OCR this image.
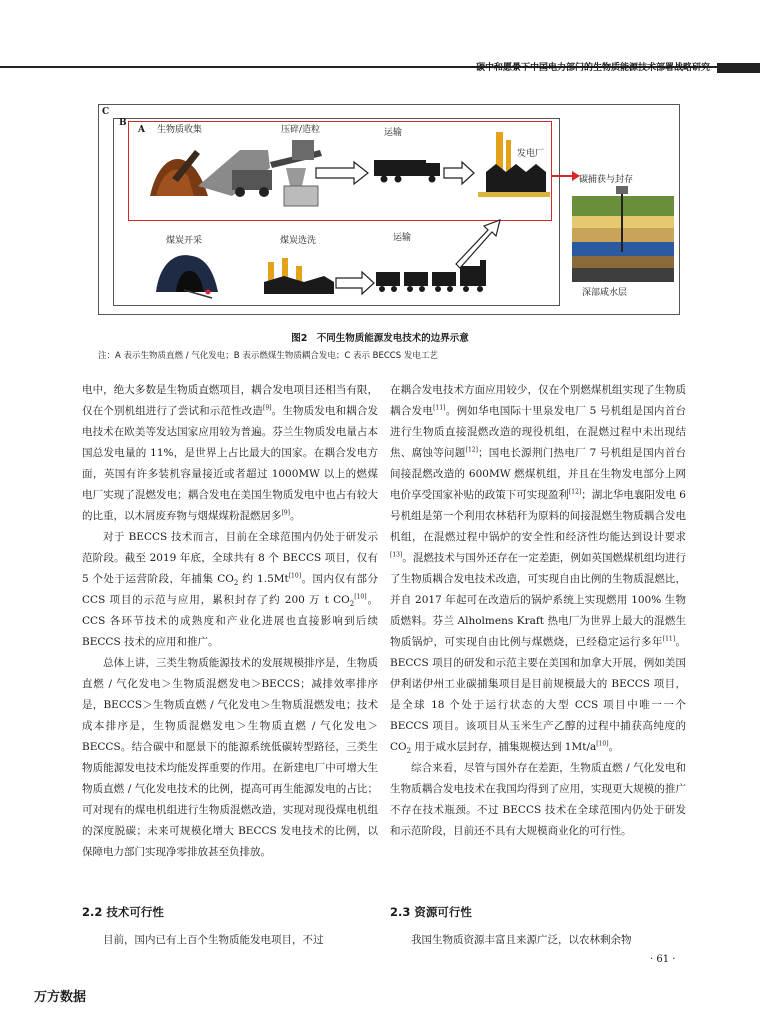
碳中和愿景下中国电力部门的生物质能源技术部署战略研究
C
B
A 生物质收集	压碎/造粒	运输
发电厂
碳捕获与封存
煤炭开采	煤炭选洗	运输
深部咸水层
图2　不同生物质能源发电技术的边界示意
注：A 表示生物质直燃 / 气化发电；B 表示燃煤生物质耦合发电；C 表示 BECCS 发电工艺

电中，绝大多数是生物质直燃项目，耦合发电项目还相当有限，仅在个别机组进行了尝试和示范性改造[9]。生物质发电和耦合发电技术在欧美等发达国家应用较为普遍。芬兰生物质发电量占本国总发电量的 11%，是世界上占比最大的国家。在耦合发电方面，英国有许多装机容量接近或者超过 1000MW 以上的燃煤电厂实现了混燃发电；耦合发电在美国生物质发电中也占有较大的比重，以木屑废弃物与烟煤煤粉混燃居多[9]。

对于 BECCS 技术而言，目前在全球范围内仍处于研发示范阶段。截至 2019 年底，全球共有 8 个 BECCS 项目，仅有 5 个处于运营阶段，年捕集 $CO_2$ 约 1.5Mt[10]。国内仅有部分 CCS 项目的示范与应用，累积封存了约 200 万 t $CO_2[10]$。CCS 各环节技术的成熟度和产业化进展也直接影响到后续 BECCS 技术的应用和推广。

总体上讲，三类生物质能源技术的发展规模排序是，生物质直燃 / 气化发电＞生物质混燃发电＞BECCS；减排效率排序是，BECCS＞生物质直燃 / 气化发电＞生物质混燃发电；技术成本排序是，生物质混燃发电＞生物质直燃 / 气化发电＞BECCS。结合碳中和愿景下的能源系统低碳转型路径，三类生物质能源发电技术均能发挥重要的作用。在新建电厂中可增大生物质直燃 / 气化发电技术的比例，提高可再生能源发电的占比；可对现有的煤电机组进行生物质混燃改造，实现对现役煤电机组的深度脱碳；未来可规模化增大 BECCS 发电技术的比例，以保障电力部门实现净零排放甚至负排放。

2.2 技术可行性
目前，国内已有上百个生物质能发电项目，不过

在耦合发电技术方面应用较少，仅在个别燃煤机组实现了生物质耦合发电[11]。例如华电国际十里泉发电厂 5 号机组是国内首台进行生物质直接混燃改造的现役机组，在混燃过程中未出现结焦、腐蚀等问题[12]；国电长源荆门热电厂 7 号机组是国内首台间接混燃改造的 600MW 燃煤机组，并且在生物发电部分上网电价享受国家补贴的政策下可实现盈利[12]；湖北华电襄阳发电 6 号机组是第一个利用农林秸秆为原料的间接混燃生物质耦合发电机组，在混燃过程中锅炉的安全性和经济性均能达到设计要求[13]。混燃技术与国外还存在一定差距，例如英国燃煤机组均进行了生物质耦合发电技术改造，可实现自由比例的生物质混燃比，并自 2017 年起可在改造后的锅炉系统上实现燃用 100% 生物质燃料。芬兰 Alholmens Kraft 热电厂为世界上最大的混燃生物质锅炉，可实现自由比例与煤燃烧，已经稳定运行多年[11]。BECCS 项目的研发和示范主要在美国和加拿大开展，例如美国伊利诺伊州工业碳捕集项目是目前规模最大的 BECCS 项目，是全球 18 个处于运行状态的大型 CCS 项目中唯一一个 BECCS 项目。该项目从玉米生产乙醇的过程中捕获高纯度的 $CO_2$ 用于咸水层封存，捕集规模达到 1Mt/a[10]。

综合来看，尽管与国外存在差距，生物质直燃 / 气化发电和生物质耦合发电技术在我国均得到了应用，实现更大规模的推广不存在技术瓶颈。不过 BECCS 技术在全球范围内仍处于研发和示范阶段，目前还不具有大规模商业化的可行性。

2.3 资源可行性
我国生物质资源丰富且来源广泛，以农林剩余物
· 61 ·
万方数据
